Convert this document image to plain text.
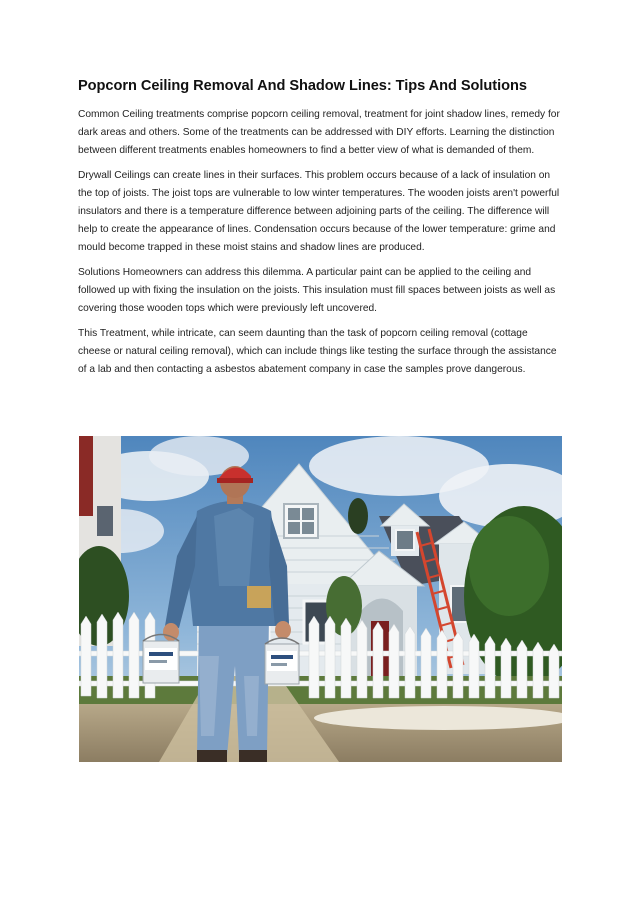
Popcorn Ceiling Removal And Shadow Lines: Tips And Solutions

Common Ceiling treatments comprise popcorn ceiling removal, treatment for joint shadow lines, remedy for dark areas and others. Some of the treatments can be addressed with DIY efforts. Learning the distinction between different treatments enables homeowners to find a better view of what is demanded of them.

Drywall Ceilings can create lines in their surfaces. This problem occurs because of a lack of insulation on the top of joists. The joist tops are vulnerable to low winter temperatures. The wooden joists aren't powerful insulators and there is a temperature difference between adjoining parts of the ceiling. The difference will help to create the appearance of lines. Condensation occurs because of the lower temperature: grime and mould become trapped in these moist stains and shadow lines are produced.

Solutions Homeowners can address this dilemma. A particular paint can be applied to the ceiling and followed up with fixing the insulation on the joists. This insulation must fill spaces between joists as well as covering those wooden tops which were previously left uncovered.

This Treatment, while intricate, can seem daunting than the task of popcorn ceiling removal (cottage cheese or natural ceiling removal), which can include things like testing the surface through the assistance of a lab and then contacting a asbestos abatement company in case the samples prove dangerous.
